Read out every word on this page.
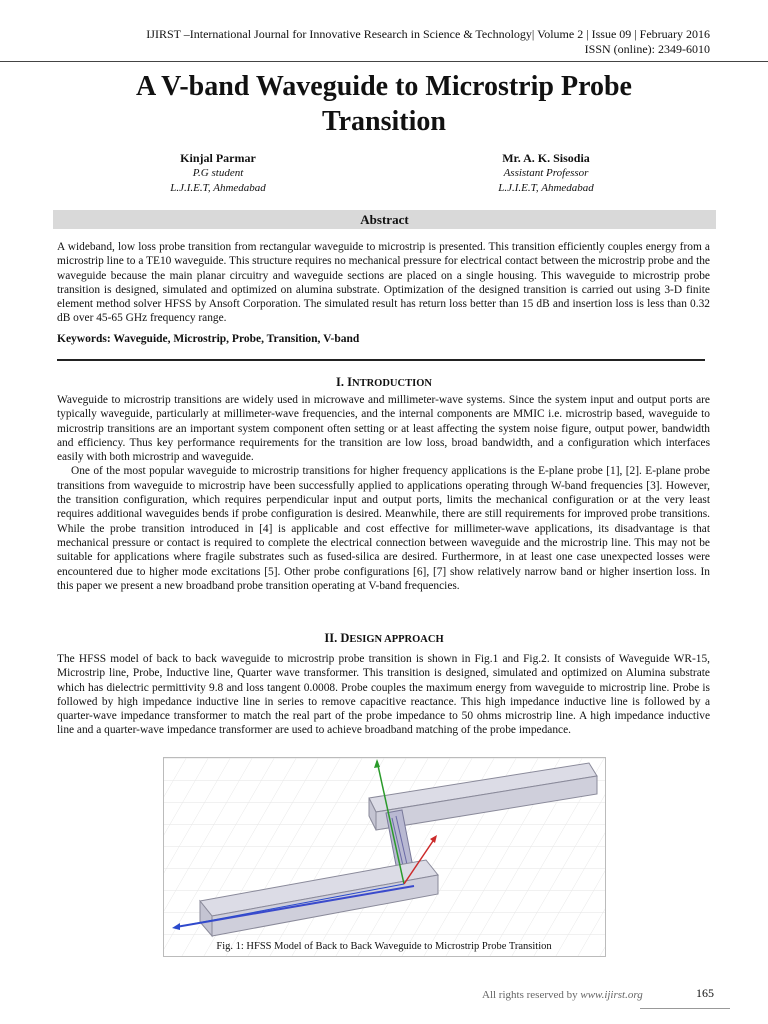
IJIRST –International Journal for Innovative Research in Science & Technology| Volume 2 | Issue 09 | February 2016
ISSN (online): 2349-6010
A V-band Waveguide to Microstrip Probe
Transition
Kinjal Parmar
P.G student
L.J.I.E.T, Ahmedabad
Mr. A. K. Sisodia
Assistant Professor
L.J.I.E.T, Ahmedabad
Abstract

A wideband, low loss probe transition from rectangular waveguide to microstrip is presented. This transition efficiently couples energy from a microstrip line to a TE10 waveguide. This structure requires no mechanical pressure for electrical contact between the microstrip probe and the waveguide because the main planar circuitry and waveguide sections are placed on a single housing. This waveguide to microstrip probe transition is designed, simulated and optimized on alumina substrate. Optimization of the designed transition is carried out using 3-D finite element method solver HFSS by Ansoft Corporation. The simulated result has return loss better than 15 dB and insertion loss is less than 0.32 dB over 45-65 GHz frequency range.

Keywords: Waveguide, Microstrip, Probe, Transition, V-band
I. INTRODUCTION

Waveguide to microstrip transitions are widely used in microwave and millimeter-wave systems. Since the system input and output ports are typically waveguide, particularly at millimeter-wave frequencies, and the internal components are MMIC i.e. microstrip based, waveguide to microstrip transitions are an important system component often setting or at least affecting the system noise figure, output power, bandwidth and efficiency. Thus key performance requirements for the transition are low loss, broad bandwidth, and a configuration which interfaces easily with both microstrip and waveguide.

One of the most popular waveguide to microstrip transitions for higher frequency applications is the E-plane probe [1], [2]. E-plane probe transitions from waveguide to microstrip have been successfully applied to applications operating through W-band frequencies [3]. However, the transition configuration, which requires perpendicular input and output ports, limits the mechanical configuration or at the very least requires additional waveguides bends if probe configuration is desired. Meanwhile, there are still requirements for improved probe transitions. While the probe transition introduced in [4] is applicable and cost effective for millimeter-wave applications, its disadvantage is that mechanical pressure or contact is required to complete the electrical connection between waveguide and the microstrip line. This may not be suitable for applications where fragile substrates such as fused-silica are desired. Furthermore, in at least one case unexpected losses were encountered due to higher mode excitations [5]. Other probe configurations [6], [7] show relatively narrow band or higher insertion loss. In this paper we present a new broadband probe transition operating at V-band frequencies.

II. DESIGN APPROACH

The HFSS model of back to back waveguide to microstrip probe transition is shown in Fig.1 and Fig.2. It consists of Waveguide WR-15, Microstrip line, Probe, Inductive line, Quarter wave transformer. This transition is designed, simulated and optimized on Alumina substrate which has dielectric permittivity 9.8 and loss tangent 0.0008. Probe couples the maximum energy from waveguide to microstrip line. Probe is followed by high impedance inductive line in series to remove capacitive reactance. This high impedance inductive line is followed by a quarter-wave impedance transformer to match the real part of the probe impedance to 50 ohms microstrip line. A high impedance inductive line and a quarter-wave impedance transformer are used to achieve broadband matching of the probe impedance.

Fig. 1: HFSS Model of Back to Back Waveguide to Microstrip Probe Transition
All rights reserved by www.ijirst.org	165
